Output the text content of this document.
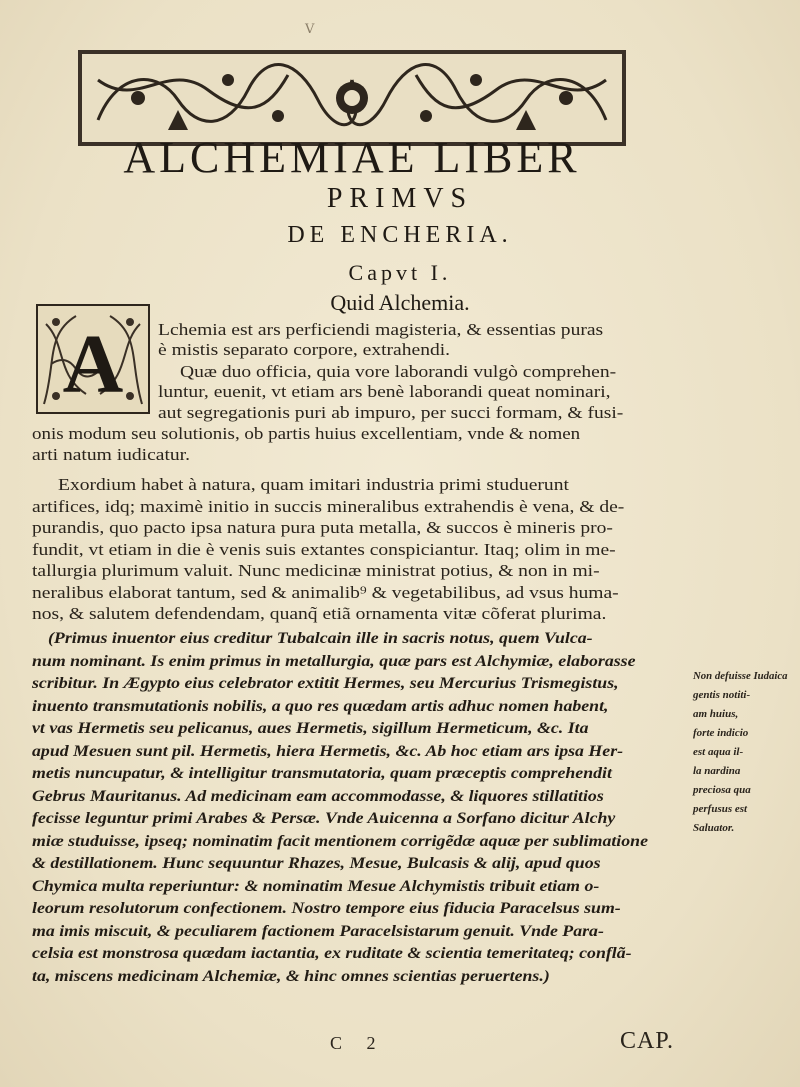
V
ALCHEMIAE LIBER
PRIMVS
DE ENCHERIA.
Capvt I.
Quid Alchemia.
A Lchemia est ars perficiendi magisteria, & essentias puras
è mistis separato corpore, extrahendi.
Quæ duo officia, quia vore laborandi vulgò comprehen-
luntur, euenit, vt etiam ars benè laborandi queat nominari,
aut segregationis puri ab impuro, per succi formam, & fusi-
onis modum seu solutionis, ob partis huius excellentiam, vnde & nomen
arti natum iudicatur.
Exordium habet à natura, quam imitari industria primi studuerunt
artifices, idq; maximè initio in succis mineralibus extrahendis è vena, & de-
purandis, quo pacto ipsa natura pura puta metalla, & succos è mineris pro-
fundit, vt etiam in die è venis suis extantes conspiciantur. Itaq; olim in me-
tallurgia plurimum valuit. Nunc medicinæ ministrat potius, & non in mi-
neralibus elaborat tantum, sed & animalib⁹ & vegetabilibus, ad vsus huma-
nos, & salutem defendendam, quanq̃ etiã ornamenta vitæ cõferat plurima.
(Primus inuentor eius creditur Tubalcain ille in sacris notus, quem Vulca-
num nominant. Is enim primus in metallurgia, quæ pars est Alchymiæ, elaborasse
scribitur. In Ægypto eius celebrator extitit Hermes, seu Mercurius Trismegistus,
inuento transmutationis nobilis, a quo res quædam artis adhuc nomen habent,
vt vas Hermetis seu pelicanus, aues Hermetis, sigillum Hermeticum, &c. Ita
apud Mesuen sunt pil. Hermetis, hiera Hermetis, &c. Ab hoc etiam ars ipsa Her-
metis nuncupatur, & intelligitur transmutatoria, quam præceptis comprehendit
Gebrus Mauritanus. Ad medicinam eam accommodasse, & liquores stillatitios
fecisse leguntur primi Arabes & Persæ. Vnde Auicenna a Sorfano dicitur Alchy
miæ studuisse, ipseq; nominatim facit mentionem corrigẽdæ aquæ per sublimatione
& destillationem. Hunc sequuntur Rhazes, Mesue, Bulcasis & alij, apud quos
Chymica multa reperiuntur: & nominatim Mesue Alchymistis tribuit etiam o-
leorum resolutorum confectionem. Nostro tempore eius fiducia Paracelsus sum-
ma imis miscuit, & peculiarem factionem Paracelsistarum genuit. Vnde Para-
celsia est monstrosa quædam iactantia, ex ruditate & scientia temeritateq; conflã-
ta, miscens medicinam Alchemiæ, & hinc omnes scientias peruertens.)
Non defuisse Iudaica
gentis notiti-
am huius,
forte indicio
est aqua il-
la nardina
preciosa qua
perfusus est
Saluator.
C 2	CAP.
